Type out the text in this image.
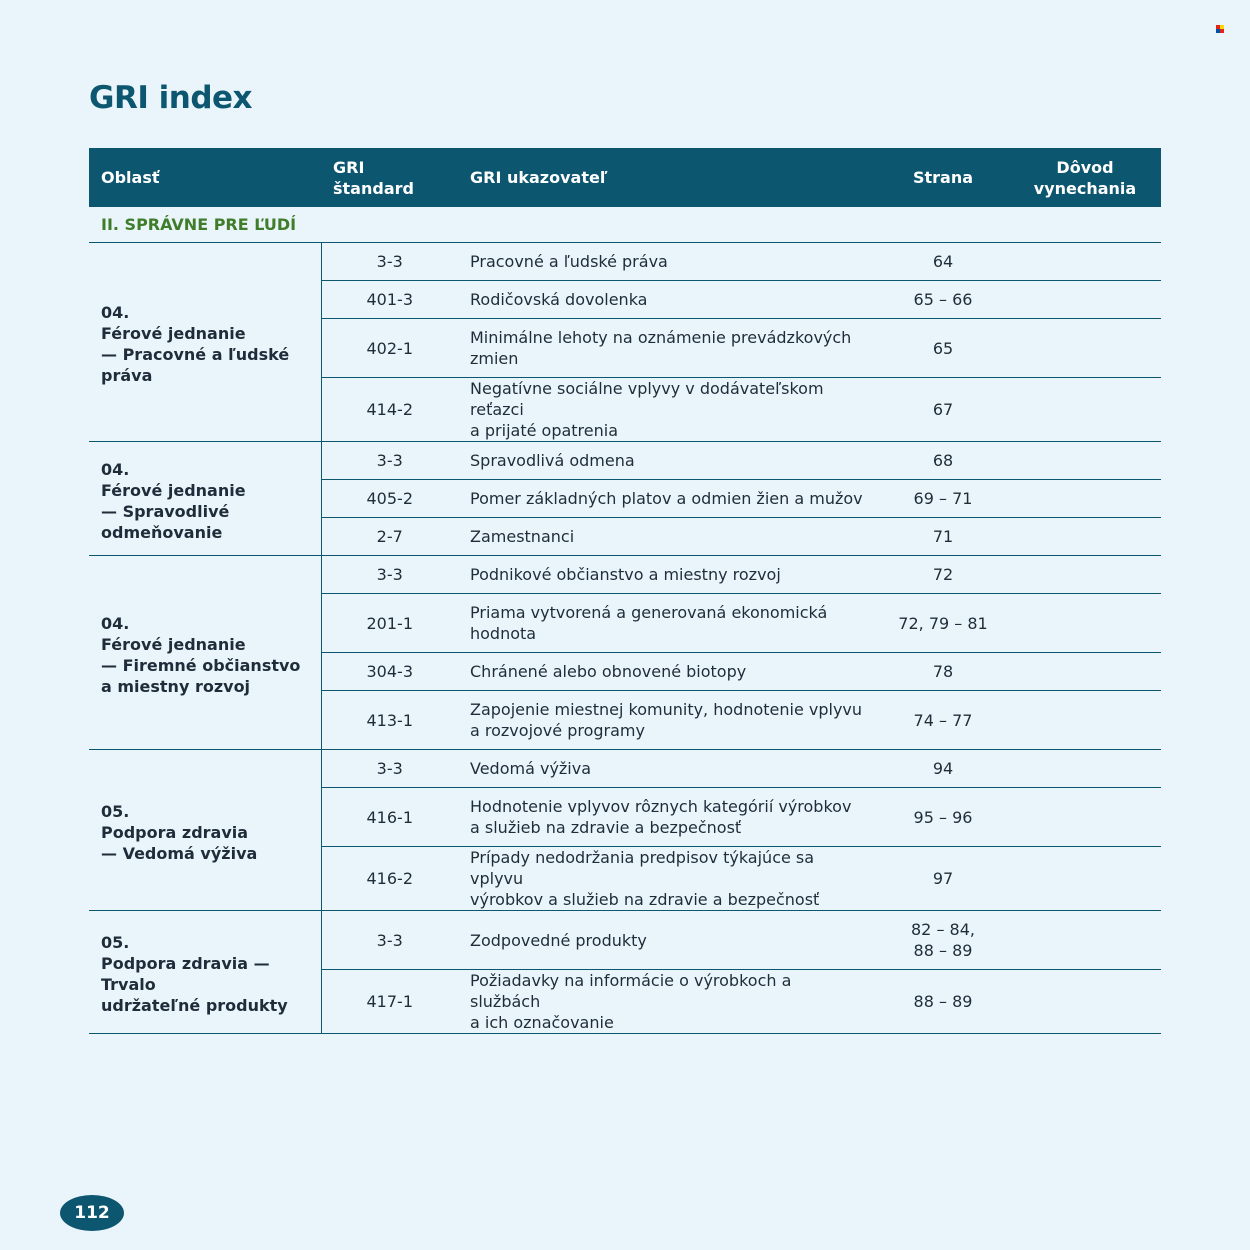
GRI index
Oblasť	GRI štandard	GRI ukazovateľ	Strana	Dôvod
vynechania
II. SPRÁVNE PRE ĽUDÍ				
04.
Férové jednanie
— Pracovné a ľudské
práva	3-3	Pracovné a ľudské práva	64	
	401-3	Rodičovská dovolenka	65 – 66	
	402-1	Minimálne lehoty na oznámenie prevádzkových
zmien	65	
	414-2	Negatívne sociálne vplyvy v dodávateľskom reťazci
a prijaté opatrenia	67	
04.
Férové jednanie
— Spravodlivé
odmeňovanie	3-3	Spravodlivá odmena	68	
	405-2	Pomer základných platov a odmien žien a mužov	69 – 71	
	2-7	Zamestnanci	71	
04.
Férové jednanie
— Firemné občianstvo
a miestny rozvoj	3-3	Podnikové občianstvo a miestny rozvoj	72	
	201-1	Priama vytvorená a generovaná ekonomická
hodnota	72, 79 – 81	
	304-3	Chránené alebo obnovené biotopy	78	
	413-1	Zapojenie miestnej komunity, hodnotenie vplyvu
a rozvojové programy	74 – 77	
05.
Podpora zdravia
— Vedomá výživa	3-3	Vedomá výživa	94	
	416-1	Hodnotenie vplyvov rôznych kategórií výrobkov
a služieb na zdravie a bezpečnosť	95 – 96	
	416-2	Prípady nedodržania predpisov týkajúce sa vplyvu
výrobkov a služieb na zdravie a bezpečnosť	97	
05.
Podpora zdravia — Trvalo
udržateľné produkty	3-3	Zodpovedné produkty	82 – 84,
88 – 89	
	417-1	Požiadavky na informácie o výrobkoch a službách
a ich označovanie	88 – 89	
112
